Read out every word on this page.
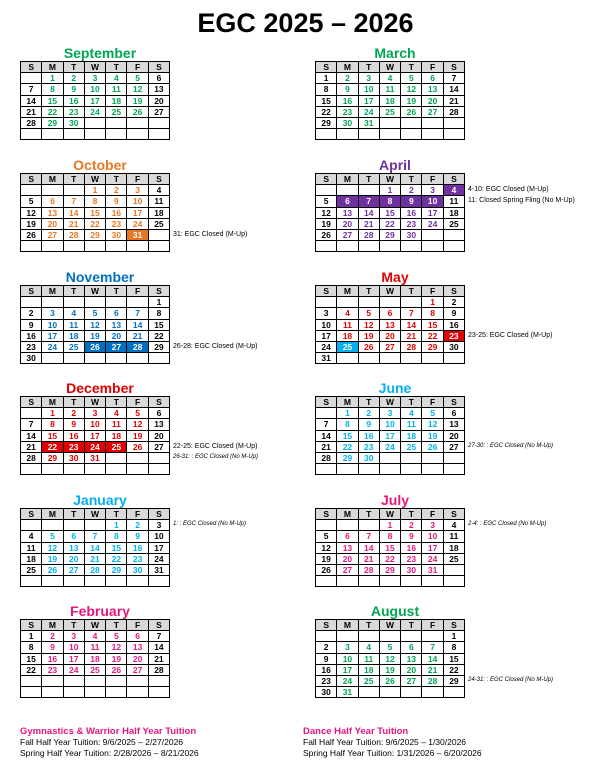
EGC 2025 – 2026
September
S	M	T	W	T	F	S
	1	2	3	4	5	6
7	8	9	10	11	12	13
14	15	16	17	18	19	20
21	22	23	24	25	26	27
28	29	30				

October
S	M	T	W	T	F	S
			1	2	3	4
5	6	7	8	9	10	11
12	13	14	15	16	17	18
19	20	21	22	23	24	25
26	27	28	29	30	31	
							31: EGC Closed (M-Up)
November
S	M	T	W	T	F	S
						1
2	3	4	5	6	7	8
9	10	11	12	13	14	15
16	17	18	19	20	21	22
23	24	25	26	27	28	29
30						
26-28: EGC Closed (M-Up)
December
S	M	T	W	T	F	S
	1	2	3	4	5	6
7	8	9	10	11	12	13
14	15	16	17	18	19	20
21	22	23	24	25	26	27
28	29	30	31			

22-25: EGC Closed (M-Up)
26-31: : EGC Closed (No M-Up)
January
S	M	T	W	T	F	S
				1	2	3
4	5	6	7	8	9	10
11	12	13	14	15	16	17
18	19	20	21	22	23	24
25	26	27	28	29	30	31

1: : EGC Closed (No M-Up)
February
S	M	T	W	T	F	S
1	2	3	4	5	6	7
8	9	10	11	12	13	14
15	16	17	18	19	20	21
22	23	24	25	26	27	28

March
S	M	T	W	T	F	S
1	2	3	4	5	6	7
8	9	10	11	12	13	14
15	16	17	18	19	20	21
22	23	24	25	26	27	28
29	30	31				

April
S	M	T	W	T	F	S
			1	2	3	4
5	6	7	8	9	10	11
12	13	14	15	16	17	18
19	20	21	22	23	24	25
26	27	28	29	30		

4-10: EGC Closed (M-Up)
11: Closed Spring Fling (No M-Up)
May
S	M	T	W	T	F	S
					1	2
3	4	5	6	7	8	9
10	11	12	13	14	15	16
17	18	19	20	21	22	23
24	25	26	27	28	29	30
31						
23-25: EGC Closed (M-Up)
June
S	M	T	W	T	F	S
	1	2	3	4	5	6
7	8	9	10	11	12	13
14	15	16	17	18	19	20
21	22	23	24	25	26	27
28	29	30				

27-30: : EGC Closed (No M-Up)
July
S	M	T	W	T	F	S
			1	2	3	4
5	6	7	8	9	10	11
12	13	14	15	16	17	18
19	20	21	22	23	24	25
26	27	28	29	30	31	

2-4: : EGC Closed (No M-Up)
August
S	M	T	W	T	F	S
						1
2	3	4	5	6	7	8
9	10	11	12	13	14	15
16	17	18	19	20	21	22
23	24	25	26	27	28	29
30	31					
24-31: : EGC Closed (No M-Up)
Gymnastics & Warrior Half Year Tuition
Fall Half Year Tuition: 9/6/2025 – 2/27/2026
Spring Half Year Tuition: 2/28/2026 – 8/21/2026
Dance Half Year Tuition
Fall Half Year Tuition: 9/6/2025 – 1/30/2026
Spring Half Year Tuition: 1/31/2026 – 6/20/2026
